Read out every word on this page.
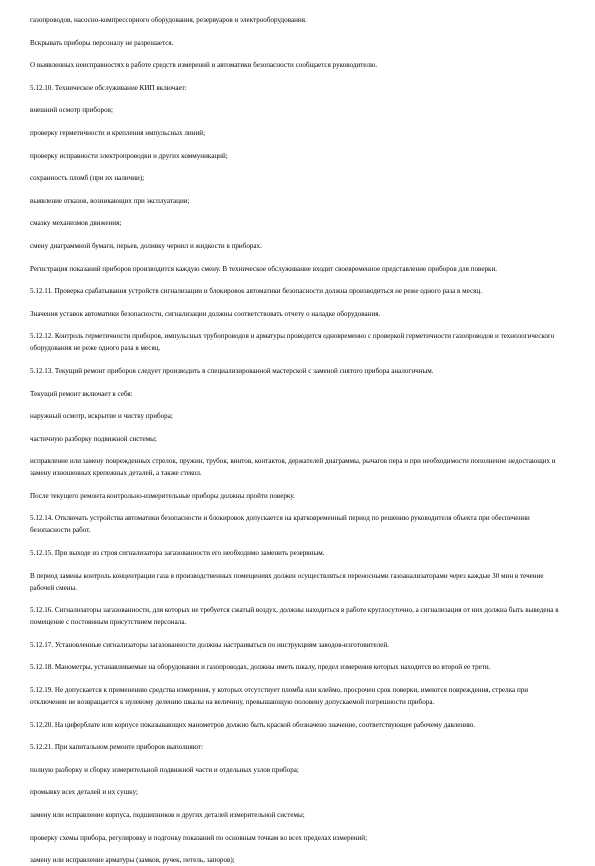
газопроводов, насосно-компрессорного оборудования, резервуаров и электрооборудования.

Вскрывать приборы персоналу не разрешается.

О выявленных неисправностях в работе средств измерений и автоматики безопасности сообщается руководителю.

5.12.10. Техническое обслуживание КИП включает:

внешний осмотр приборов;

проверку герметичности и крепления импульсных линий;

проверку исправности электропроводки и других коммуникаций;

сохранность пломб (при их наличии);

выявление отказов, возникающих при эксплуатации;

смазку механизмов движения;

смену диаграммной бумаги, перьев, доливку чернил и жидкости в приборах.

Регистрация показаний приборов производится каждую смену. В техническое обслуживание входит своевременное представление приборов для поверки.

5.12.11. Проверка срабатывания устройств сигнализации и блокировок автоматики безопасности должна производиться не реже одного раза в месяц.

Значения уставок автоматики безопасности, сигнализации должны соответствовать отчету о наладке оборудования.

5.12.12. Контроль герметичности приборов, импульсных трубопроводов и арматуры проводится одновременно с проверкой герметичности газопроводов и технологического оборудования не реже одного раза в месяц.

5.12.13. Текущий ремонт приборов следует производить в специализированной мастерской с заменой снятого прибора аналогичным.

Текущий ремонт включает в себя:

наружный осмотр, вскрытие и чистку прибора;

частичную разборку подвижной системы;

исправление или замену поврежденных стрелок, пружин, трубок, винтов, контактов, держателей диаграммы, рычагов пера и при необходимости пополнение недостающих и замену изношенных крепежных деталей, а также стекол.

После текущего ремонта контрольно-измерительные приборы должны пройти поверку.

5.12.14. Отключать устройства автоматики безопасности и блокировок допускается на кратковременный период по решению руководителя объекта при обеспечении безопасности работ.

5.12.15. При выходе из строя сигнализатора загазованности его необходимо заменить резервным.

В период замены контроль концентрации газа в производственных помещениях должен осуществляться переносными газоанализаторами через каждые 30 мин в течение рабочей смены.

5.12.16. Сигнализаторы загазованности, для которых не требуется сжатый воздух, должны находиться в работе круглосуточно, а сигнализация от них должна быть выведена в помещение с постоянным присутствием персонала.

5.12.17. Установленные сигнализаторы загазованности должны настраиваться по инструкциям заводов-изготовителей.

5.12.18. Манометры, устанавливаемые на оборудовании и газопроводах, должны иметь шкалу, предел измерения которых находится во второй ее трети.

5.12.19. Не допускается к применению средства измерения, у которых отсутствует пломба или клеймо, просрочен срок поверки, имеются повреждения, стрелка при отключении не возвращается к нулевому делению шкалы на величину, превышающую половину допускаемой погрешности прибора.

5.12.20. На циферблате или корпусе показывающих манометров должно быть краской обозначено значение, соответствующее рабочему давлению.

5.12.21. При капитальном ремонте приборов выполняют:

полную разборку и сборку измерительной подвижной части и отдельных узлов прибора;

промывку всех деталей и их сушку;

замену или исправление корпуса, подшипников и других деталей измерительной системы;

проверку схемы прибора, регулировку и подгонку показаний по основным точкам во всех пределах измерений;

замену или исправление арматуры (замков, ручек, петель, запоров);
